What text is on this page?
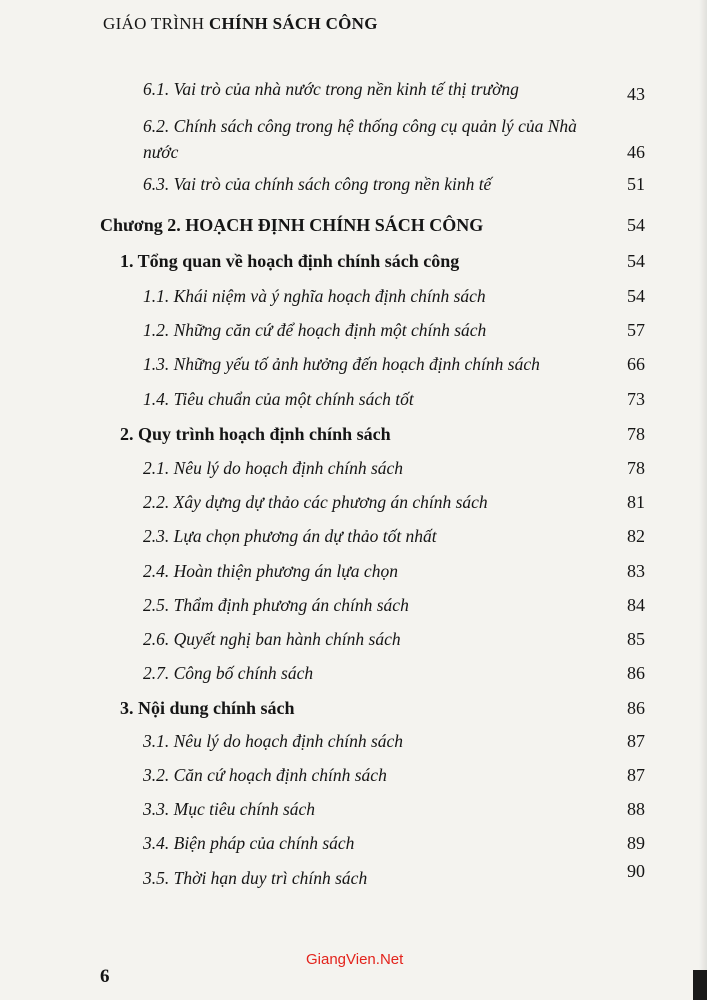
GIÁO TRÌNH CHÍNH SÁCH CÔNG
6.1. Vai trò của nhà nước trong nền kinh tế thị trường	43
6.2. Chính sách công trong hệ thống công cụ quản lý của Nhà nước	46
6.3. Vai trò của chính sách công trong nền kinh tế	51
Chương 2. HOẠCH ĐỊNH CHÍNH SÁCH CÔNG	54
1. Tổng quan về hoạch định chính sách công	54
1.1. Khái niệm và ý nghĩa hoạch định chính sách	54
1.2. Những căn cứ để hoạch định một chính sách	57
1.3. Những yếu tố ảnh hưởng đến hoạch định chính sách	66
1.4. Tiêu chuẩn của một chính sách tốt	73
2. Quy trình hoạch định chính sách	78
2.1. Nêu lý do hoạch định chính sách	78
2.2. Xây dựng dự thảo các phương án chính sách	81
2.3. Lựa chọn phương án dự thảo tốt nhất	82
2.4. Hoàn thiện phương án lựa chọn	83
2.5. Thẩm định phương án chính sách	84
2.6. Quyết nghị ban hành chính sách	85
2.7. Công bố chính sách	86
3. Nội dung chính sách	86
3.1. Nêu lý do hoạch định chính sách	87
3.2. Căn cứ hoạch định chính sách	87
3.3. Mục tiêu chính sách	88
3.4. Biện pháp của chính sách	89
3.5. Thời hạn duy trì chính sách	90
GiangVien.Net
6
